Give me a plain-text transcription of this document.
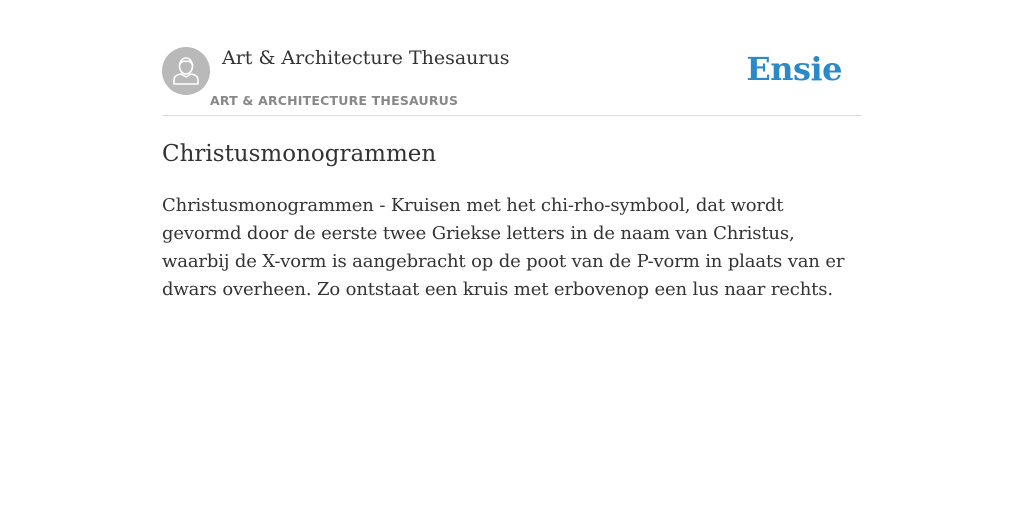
Art & Architecture Thesaurus
ART & ARCHITECTURE THESAURUS
Ensie
Christusmonogrammen

Christusmonogrammen - Kruisen met het chi-rho-symbool, dat wordt gevormd door de eerste twee Griekse letters in de naam van Christus, waarbij de X-vorm is aangebracht op de poot van de P-vorm in plaats van er dwars overheen. Zo ontstaat een kruis met erbovenop een lus naar rechts.
